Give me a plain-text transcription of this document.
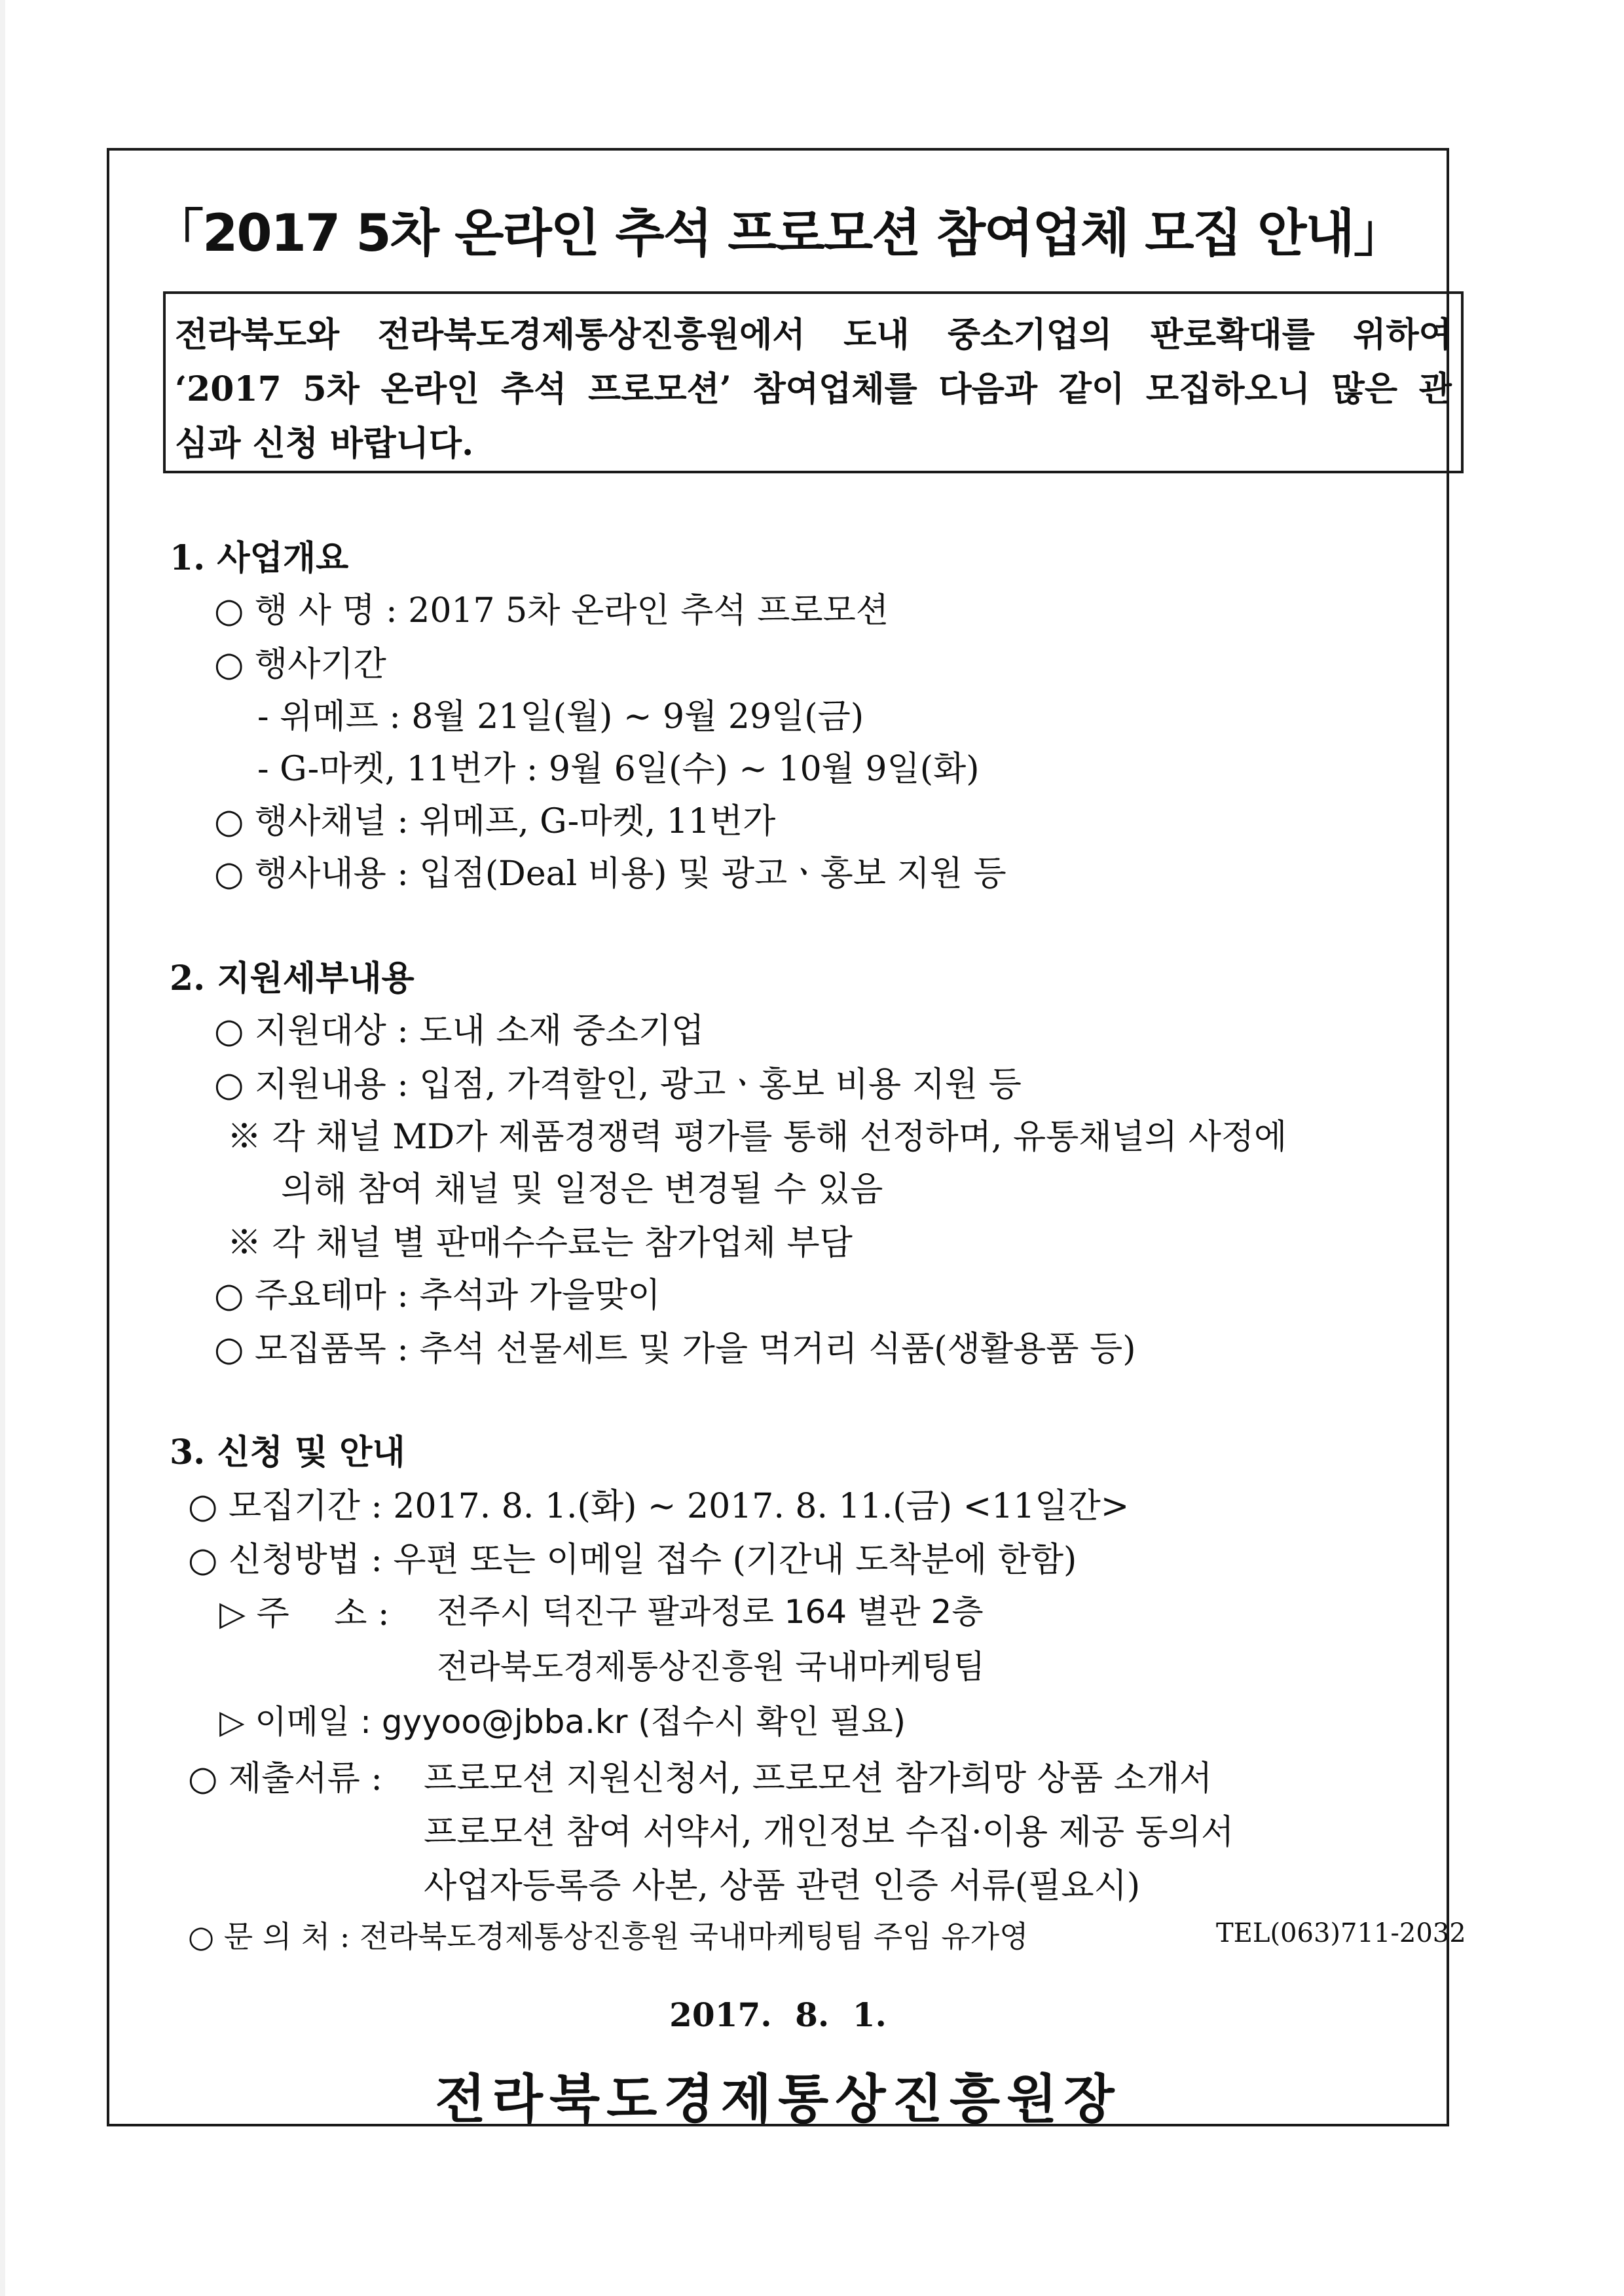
「2017 5차 온라인 추석 프로모션 참여업체 모집 안내」
전라북도와 전라북도경제통상진흥원에서 도내 중소기업의 판로확대를 위하여
‘2017 5차 온라인 추석 프로모션’ 참여업체를 다음과 같이 모집하오니 많은 관
심과 신청 바랍니다.
1. 사업개요
○ 행 사 명 : 2017 5차 온라인 추석 프로모션
○ 행사기간
- 위메프 : 8월 21일(월) ~ 9월 29일(금)
- G-마켓, 11번가 : 9월 6일(수) ~ 10월 9일(화)
○ 행사채널 : 위메프, G-마켓, 11번가
○ 행사내용 : 입점(Deal 비용) 및 광고ㆍ홍보 지원 등
2. 지원세부내용
○ 지원대상 : 도내 소재 중소기업
○ 지원내용 : 입점, 가격할인, 광고ㆍ홍보 비용 지원 등
※ 각 채널 MD가 제품경쟁력 평가를 통해 선정하며, 유통채널의 사정에
의해 참여 채널 및 일정은 변경될 수 있음
※ 각 채널 별 판매수수료는 참가업체 부담
○ 주요테마 : 추석과 가을맞이
○ 모집품목 : 추석 선물세트 및 가을 먹거리 식품(생활용품 등)
3. 신청 및 안내
○ 모집기간 : 2017. 8. 1.(화) ~ 2017. 8. 11.(금) <11일간>
○ 신청방법 : 우편 또는 이메일 접수 (기간내 도착분에 한함)
▷ 주　 소 : 전주시 덕진구 팔과정로 164 별관 2층
전라북도경제통상진흥원 국내마케팅팀
▷ 이메일 : gyyoo@jbba.kr (접수시 확인 필요)
○ 제출서류 : 프로모션 지원신청서, 프로모션 참가희망 상품 소개서
프로모션 참여 서약서, 개인정보 수집·이용 제공 동의서
사업자등록증 사본, 상품 관련 인증 서류(필요시)
○ 문 의 처 : 전라북도경제통상진흥원 국내마케팅팀 주임 유가영	TEL(063)711-2032
2017. 8. 1.
전라북도경제통상진흥원장
